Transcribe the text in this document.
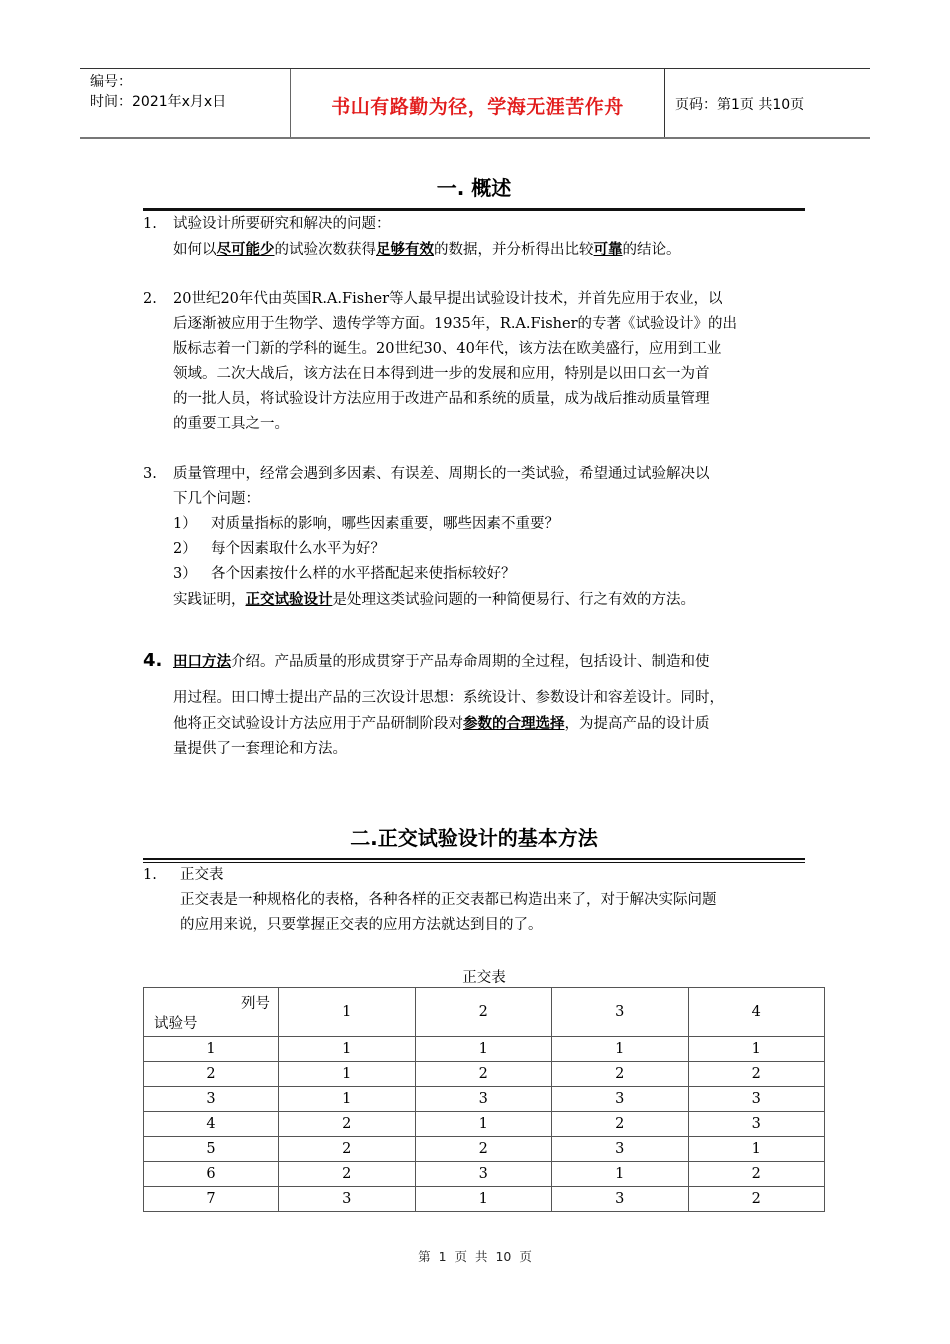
编号：
时间：2021年x月x日	书山有路勤为径，学海无涯苦作舟	页码：第1页 共10页
一. 概述
1. 试验设计所要研究和解决的问题：
如何以尽可能少的试验次数获得足够有效的数据，并分析得出比较可靠的结论。
2. 20世纪20年代由英国R.A.Fisher等人最早提出试验设计技术，并首先应用于农业，以
后逐渐被应用于生物学、遗传学等方面。1935年，R.A.Fisher的专著《试验设计》的出
版标志着一门新的学科的诞生。20世纪30、40年代，该方法在欧美盛行，应用到工业
领域。二次大战后，该方法在日本得到进一步的发展和应用，特别是以田口玄一为首
的一批人员，将试验设计方法应用于改进产品和系统的质量，成为战后推动质量管理
的重要工具之一。
3. 质量管理中，经常会遇到多因素、有误差、周期长的一类试验，希望通过试验解决以
下几个问题：
1） 对质量指标的影响，哪些因素重要，哪些因素不重要？
2） 每个因素取什么水平为好？
3） 各个因素按什么样的水平搭配起来使指标较好？
实践证明，正交试验设计是处理这类试验问题的一种简便易行、行之有效的方法。
4. 田口方法介绍。产品质量的形成贯穿于产品寿命周期的全过程，包括设计、制造和使
用过程。田口博士提出产品的三次设计思想：系统设计、参数设计和容差设计。同时，
他将正交试验设计方法应用于产品研制阶段对参数的合理选择，为提高产品的设计质
量提供了一套理论和方法。
二.正交试验设计的基本方法
1. 正交表
正交表是一种规格化的表格，各种各样的正交表都已构造出来了，对于解决实际问题
的应用来说，只要掌握正交表的应用方法就达到目的了。
正交表
列号
试验号	1	2	3	4
1	1	1	1	1
2	1	2	2	2
3	1	3	3	3
4	2	1	2	3
5	2	2	3	1
6	2	3	1	2
7	3	1	3	2
第 1 页 共 10 页
